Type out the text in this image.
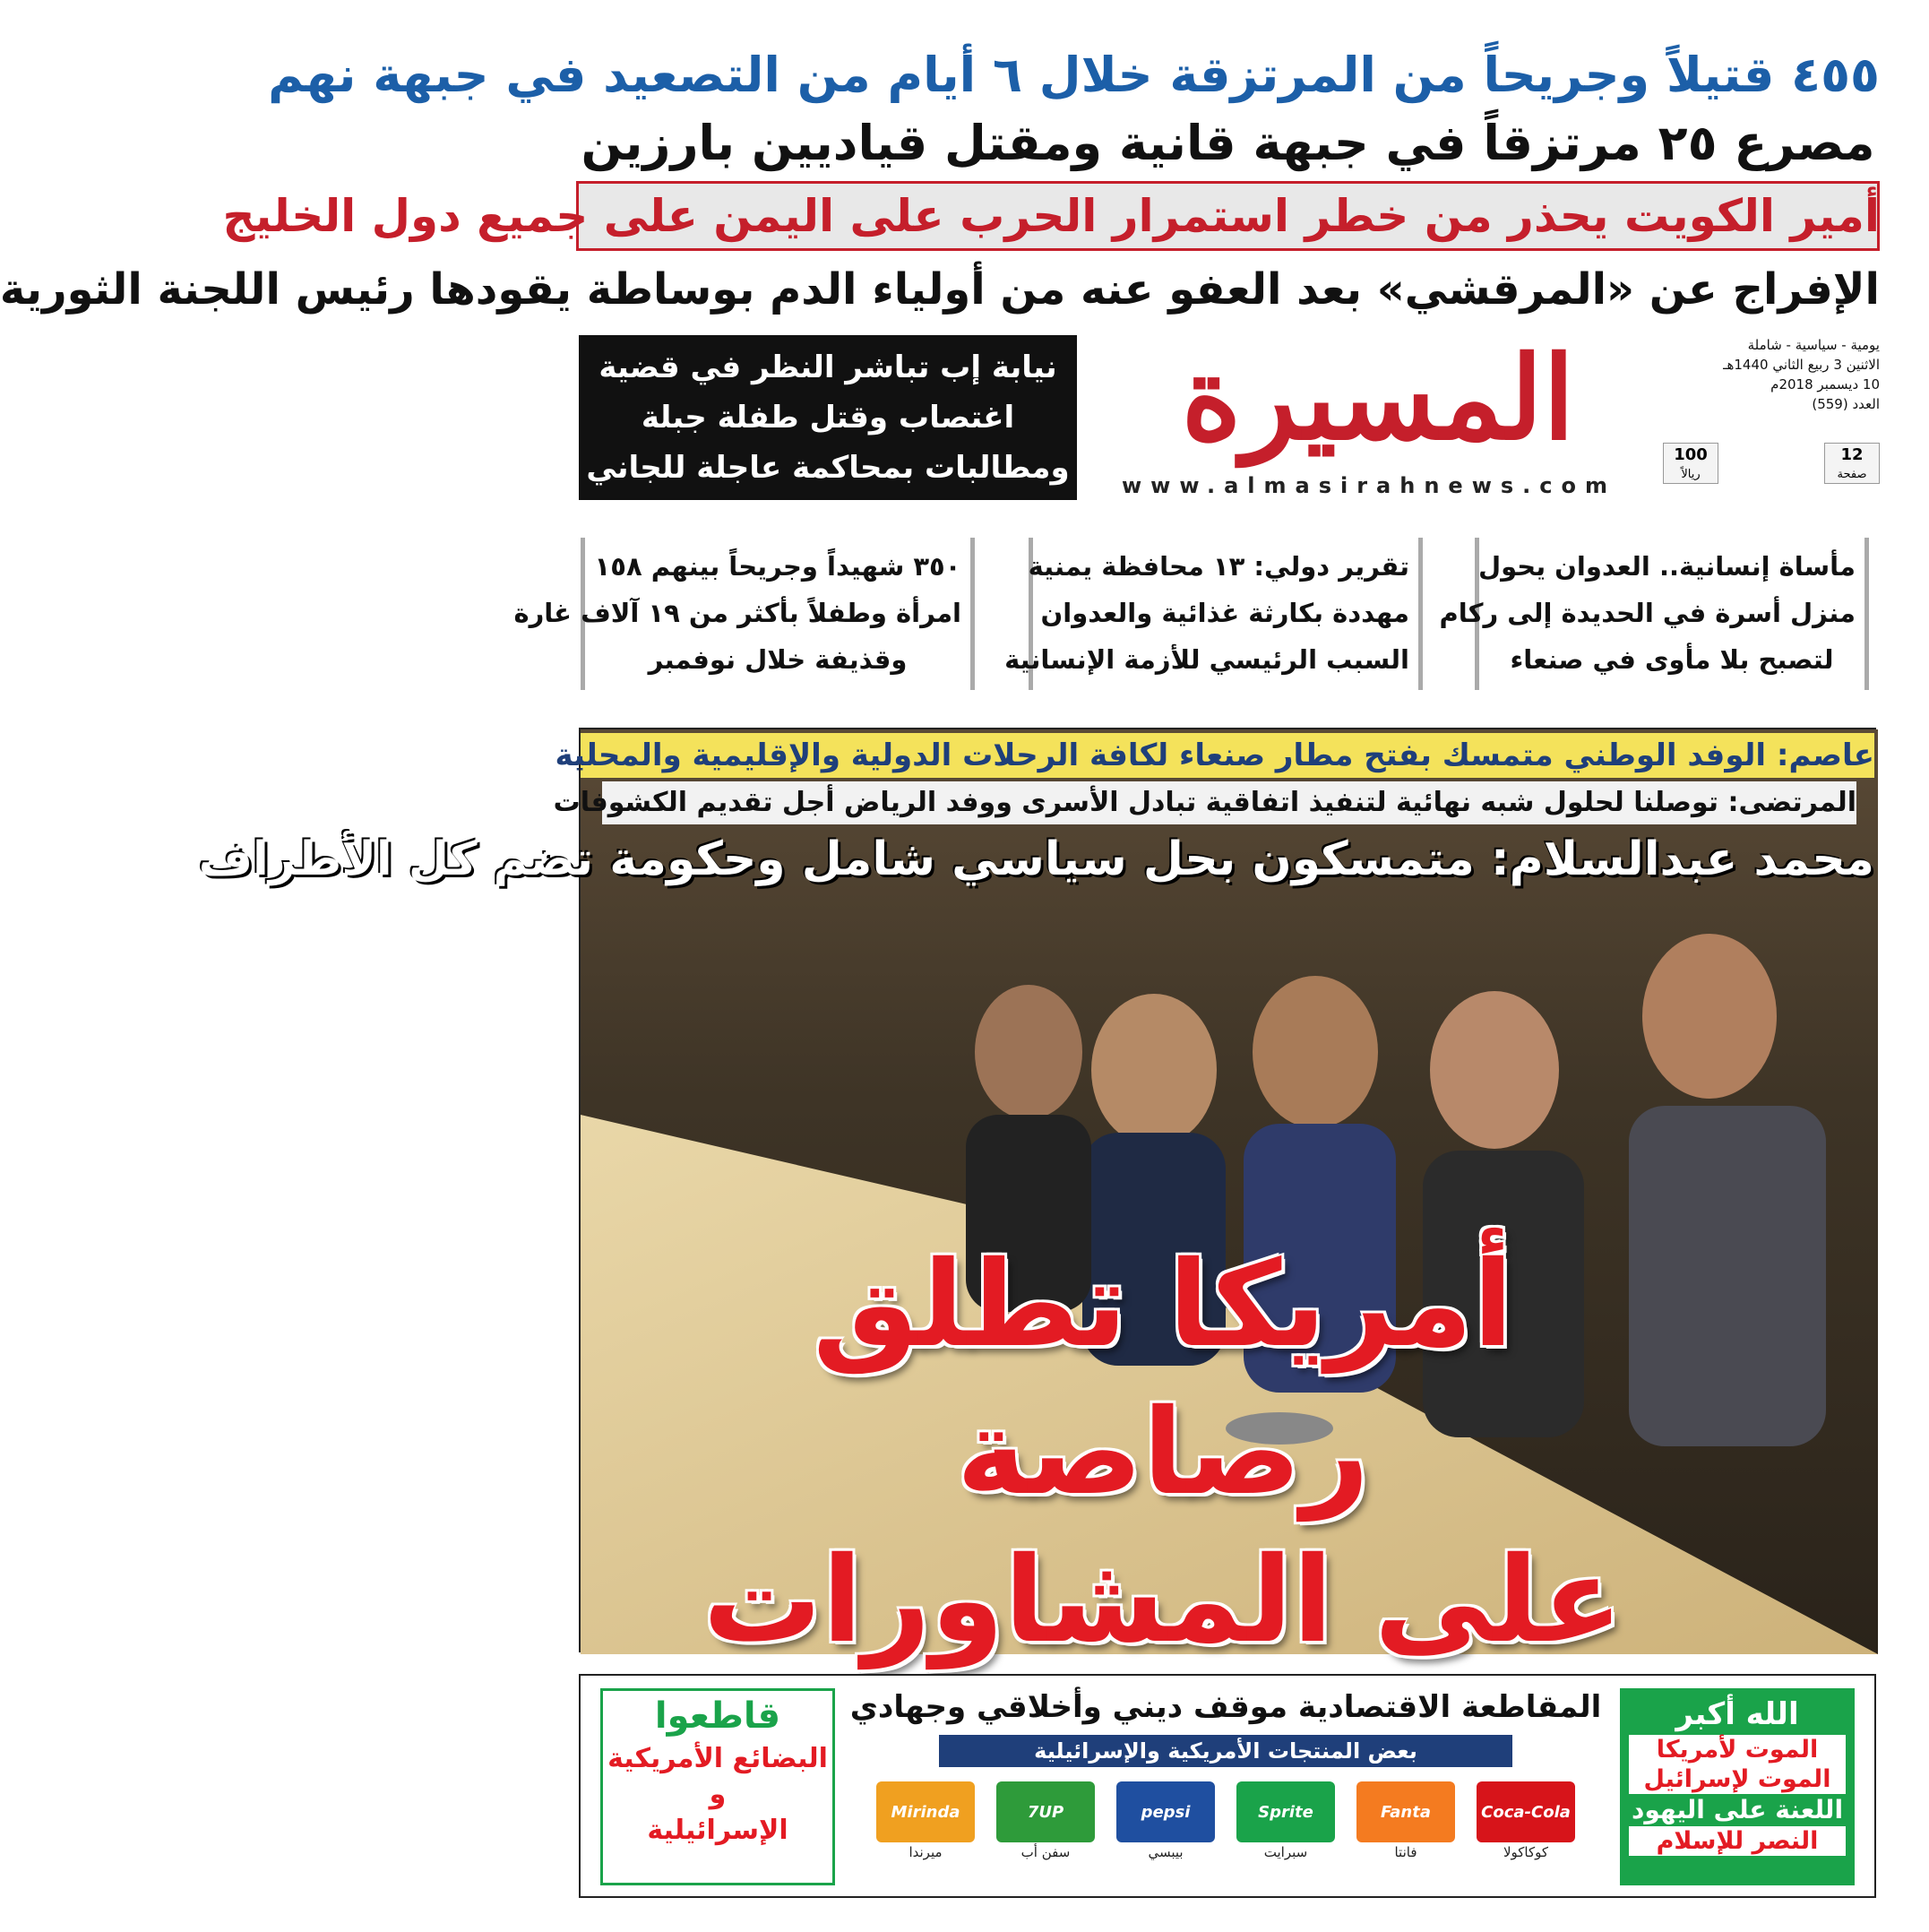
٤٥٥ قتيلاً وجريحاً من المرتزقة خلال ٦ أيام من التصعيد في جبهة نهم
مصرع ٢٥ مرتزقاً في جبهة قانية ومقتل قياديين بارزين
أمير الكويت يحذر من خطر استمرار الحرب على اليمن على جميع دول الخليج
الإفراج عن «المرقشي» بعد العفو عنه من أولياء الدم بوساطة يقودها رئيس اللجنة الثورية
نيابة إب تباشر النظر في قضية
اغتصاب وقتل طفلة جبلة
ومطالبات بمحاكمة عاجلة للجاني
المسيرة
www.almasirahnews.com
يومية - سياسية - شاملة
الاثنين 3 ربيع الثاني 1440هـ
10 ديسمبر 2018م
العدد (559)
12
صفحة
100
ريالاً
مأساة إنسانية.. العدوان يحول
منزل أسرة في الحديدة إلى ركام
لتصبح بلا مأوى في صنعاء
تقرير دولي: ١٣ محافظة يمنية
مهددة بكارثة غذائية والعدوان
السبب الرئيسي للأزمة الإنسانية
٣٥٠ شهيداً وجريحاً بينهم ١٥٨
امرأة وطفلاً بأكثر من ١٩ آلاف غارة
وقذيفة خلال نوفمبر
عاصم: الوفد الوطني متمسك بفتح مطار صنعاء لكافة الرحلات الدولية والإقليمية والمحلية
المرتضى: توصلنا لحلول شبه نهائية لتنفيذ اتفاقية تبادل الأسرى ووفد الرياض أجل تقديم الكشوفات
محمد عبدالسلام: متمسكون بحل سياسي شامل وحكومة تضم كل الأطراف
أمريكا تطلق رصاصة
على المشاورات
قاطعوا
البضائع الأمريكية
و
الإسرائيلية
المقاطعة الاقتصادية موقف ديني وأخلاقي وجهادي
بعض المنتجات الأمريكية والإسرائيلية
Coca-Cola
كوكاكولا
Fanta
فانتا
Sprite
سبرايت
pepsi
بيبسي
7UP
سفن أب
Mirinda
ميرندا
الله أكبر
الموت لأمريكا
الموت لإسرائيل
اللعنة على اليهود
النصر للإسلام
